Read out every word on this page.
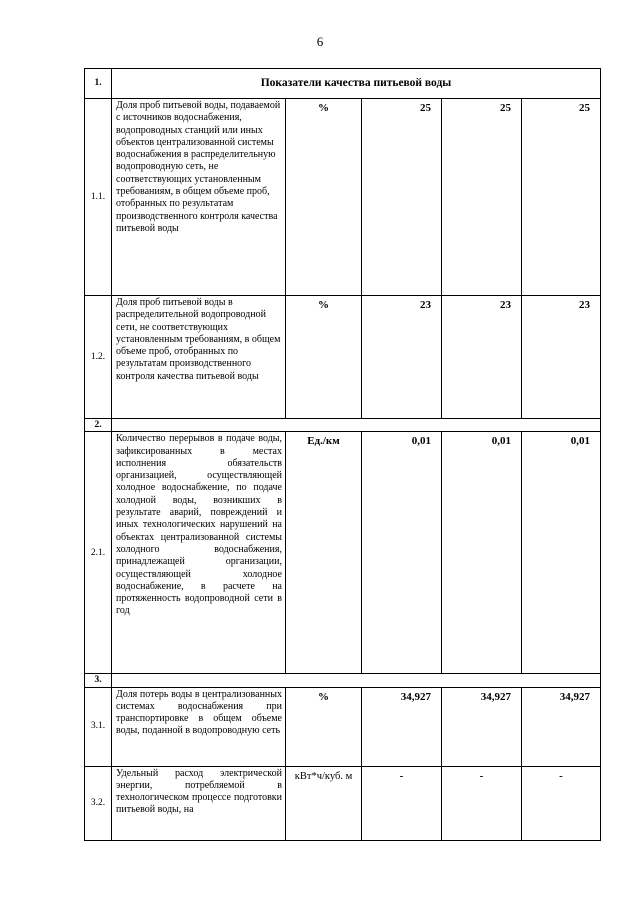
6
1.	Показатели качества питьевой воды				
1.1.	Доля проб питьевой воды, подаваемой с источников водоснабжения, водопроводных станций или иных объектов централизованной системы водоснабжения в распределительную водопроводную сеть, не соответствующих установленным требованиям, в общем объеме проб, отобранных по результатам производственного контроля качества питьевой воды	%	25	25	25
1.2.	Доля проб питьевой воды в распределительной водопроводной сети, не соответствующих установленным требованиям, в общем объеме проб, отобранных по результатам производственного контроля качества питьевой воды	%	23	23	23
2.					
2.1.	Количество перерывов в подаче воды, зафиксированных в местах исполнения обязательств организацией, осуществляющей холодное водоснабжение, по подаче холодной воды, возникших в результате аварий, повреждений и иных технологических нарушений на объектах централизованной системы холодного водоснабжения, принадлежащей организации, осуществляющей холодное водоснабжение, в расчете на протяженность водопроводной сети в год	Ед./км	0,01	0,01	0,01
3.					
3.1.	Доля потерь воды в централизованных системах водоснабжения при транспортировке в общем объеме воды, поданной в водопроводную сеть	%	34,927	34,927	34,927
3.2.	Удельный расход электрической энергии, потребляемой в технологическом процессе подготовки питьевой воды, на	кВт*ч/куб. м	-	-	-
